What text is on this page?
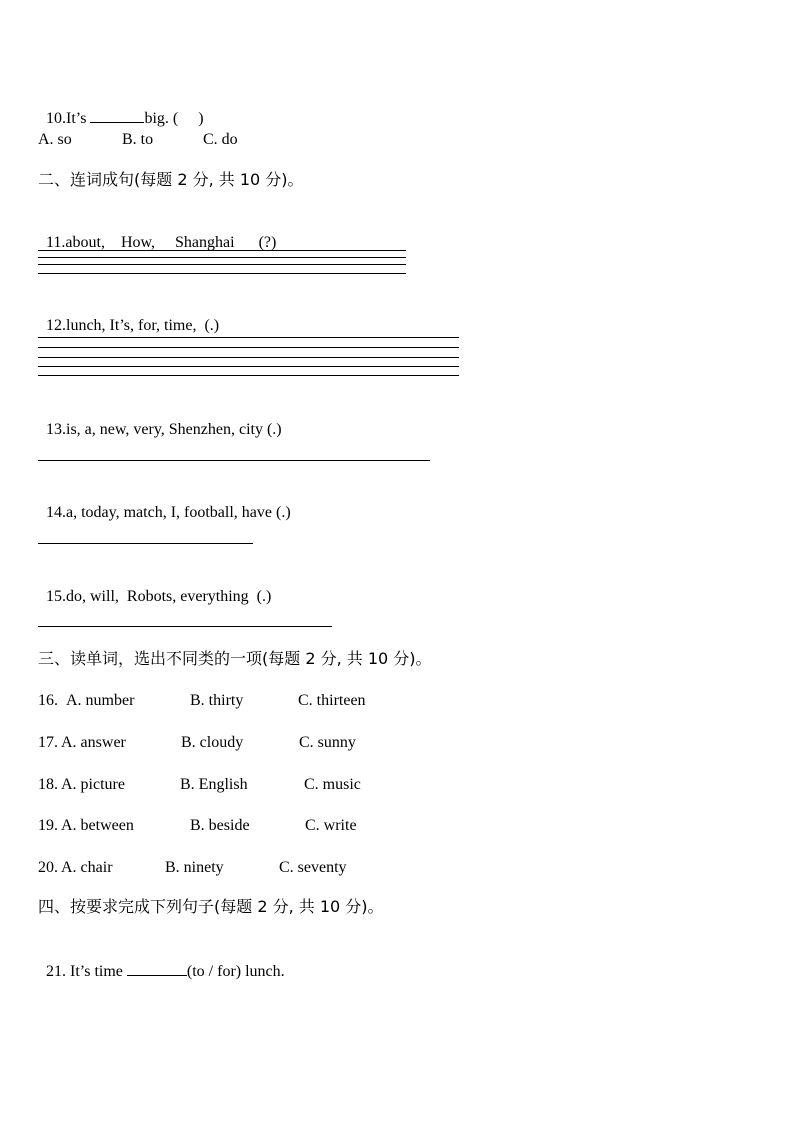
10.It’s	big. (　 )

A. so	B. to	C. do
二、连词成句(每题 2 分, 共 10 分)。

11.about,    How,     Shanghai      (?)

12.lunch, It’s, for, time,  (.)

13.is, a, new, very, Shenzhen, city (.)

14.a, today, match, I, football, have (.)

15.do, will,  Robots, everything  (.)

三、读单词，选出不同类的一项(每题 2 分, 共 10 分)。
16. A. number	B. thirty	C. thirteen
17. A. answer	B. cloudy	C. sunny
18. A. picture	B. English	C. music
19. A. between	B. beside	C. write
20. A. chair	B. ninety	C. seventy
四、按要求完成下列句子(每题 2 分, 共 10 分)。

21. It’s time	(to / for) lunch.
